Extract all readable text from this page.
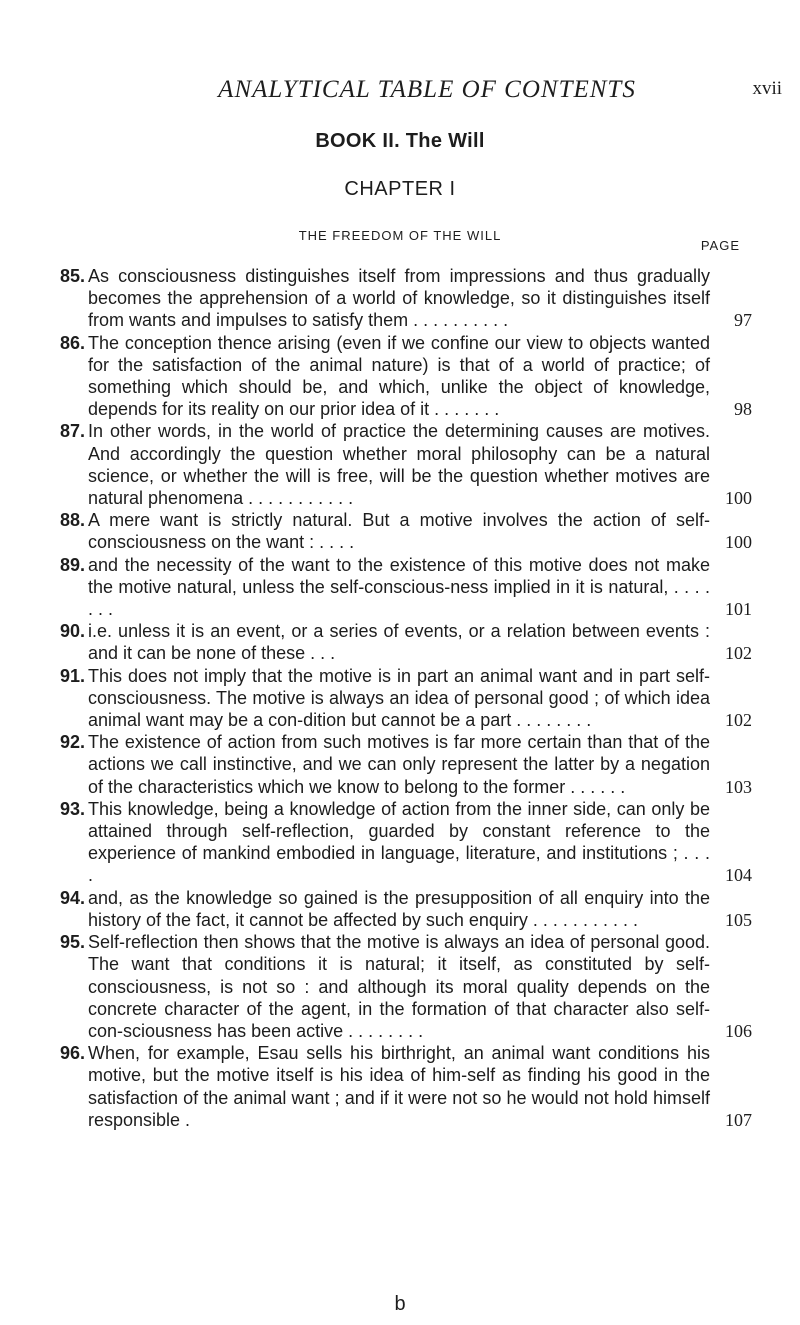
ANALYTICAL TABLE OF CONTENTS	xvii
BOOK II. The Will
CHAPTER I
THE FREEDOM OF THE WILL
PAGE
85. As consciousness distinguishes itself from impressions and thus gradually becomes the apprehension of a world of knowledge, so it distinguishes itself from wants and impulses to satisfy them . . . . . . . . . .	97
86. The conception thence arising (even if we confine our view to objects wanted for the satisfaction of the animal nature) is that of a world of practice; of something which should be, and which, unlike the object of knowledge, depends for its reality on our prior idea of it . . . . . . .	98
87. In other words, in the world of practice the determining causes are motives. And accordingly the question whether moral philosophy can be a natural science, or whether the will is free, will be the question whether motives are natural phenomena . . . . . . . . . . .	100
88. A mere want is strictly natural. But a motive involves the action of self-consciousness on the want : . . . .	100
89. and the necessity of the want to the existence of this motive does not make the motive natural, unless the self-conscious-ness implied in it is natural, . . . . . . .	101
90. i.e. unless it is an event, or a series of events, or a relation between events : and it can be none of these . . .	102
91. This does not imply that the motive is in part an animal want and in part self-consciousness. The motive is always an idea of personal good ; of which idea animal want may be a con-dition but cannot be a part . . . . . . . .	102
92. The existence of action from such motives is far more certain than that of the actions we call instinctive, and we can only represent the latter by a negation of the characteristics which we know to belong to the former . . . . . .	103
93. This knowledge, being a knowledge of action from the inner side, can only be attained through self-reflection, guarded by constant reference to the experience of mankind embodied in language, literature, and institutions ; . . . .	104
94. and, as the knowledge so gained is the presupposition of all enquiry into the history of the fact, it cannot be affected by such enquiry . . . . . . . . . . .	105
95. Self-reflection then shows that the motive is always an idea of personal good. The want that conditions it is natural; it itself, as constituted by self-consciousness, is not so : and although its moral quality depends on the concrete character of the agent, in the formation of that character also self-con-sciousness has been active . . . . . . . .	106
96. When, for example, Esau sells his birthright, an animal want conditions his motive, but the motive itself is his idea of him-self as finding his good in the satisfaction of the animal want ; and if it were not so he would not hold himself responsible .	107
b
